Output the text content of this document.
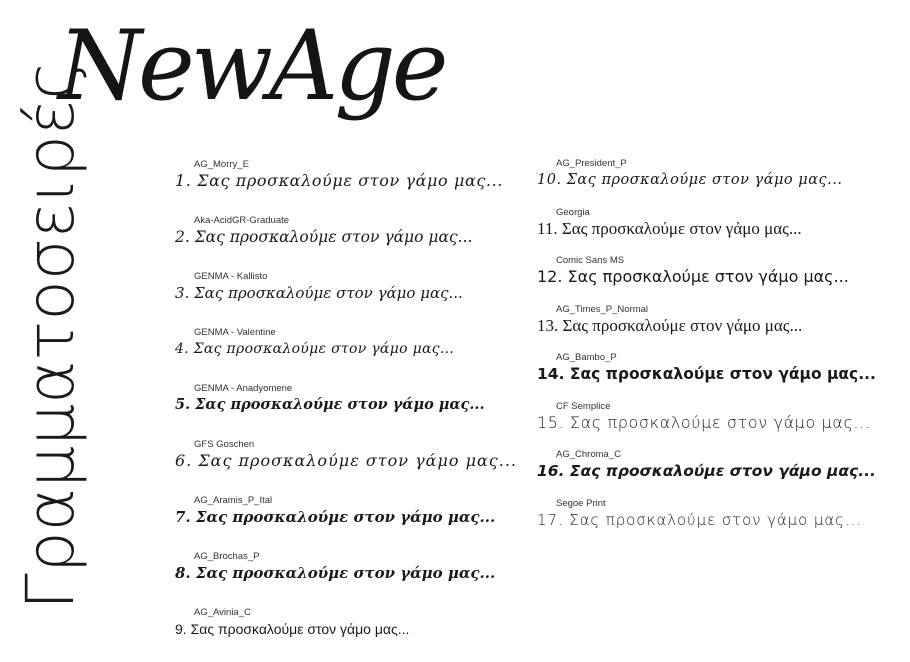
NewAge
Γραμματοσειρές	AG_Morry_E
1. Σας προσκαλούμε στον γάμο μας...
Aka-AcidGR-Graduate
2. Σας προσκαλούμε στον γάμο μας...
GENMA - Kallisto
3. Σας προσκαλούμε στον γάμο μας...
GENMA - Valentine
4. Σας προσκαλούμε στον γάμο μας...
GENMA - Anadyomene
5. Σας προσκαλούμε στον γάμο μας...
GFS Goschen
6. Σας προσκαλούμε στον γάμο μας...
AG_Aramis_P_Ital
7. Σας προσκαλούμε στον γάμο μας...
AG_Brochas_P
8. Σας προσκαλούμε στον γάμο μας...
AG_Avinia_C
9. Σας προσκαλούμε στον γάμο μας...
AG_President_P
10. Σας προσκαλούμε στον γάμο μας...
Georgia
11. Σας προσκαλούμε στον γάμο μας...
Comic Sans MS
12. Σας προσκαλούμε στον γάμο μας...
AG_Times_P_Normal
13. Σας προσκαλούμε στον γάμο μας...
AG_Bambo_P
14. Σας προσκαλούμε στον γάμο μας...
CF Semplice
15. Σας προσκαλούμε στον γάμο μας...
AG_Chroma_C
16. Σας προσκαλούμε στον γάμο μας...
Segoe Print
17. Σας προσκαλούμε στον γάμο μας...
